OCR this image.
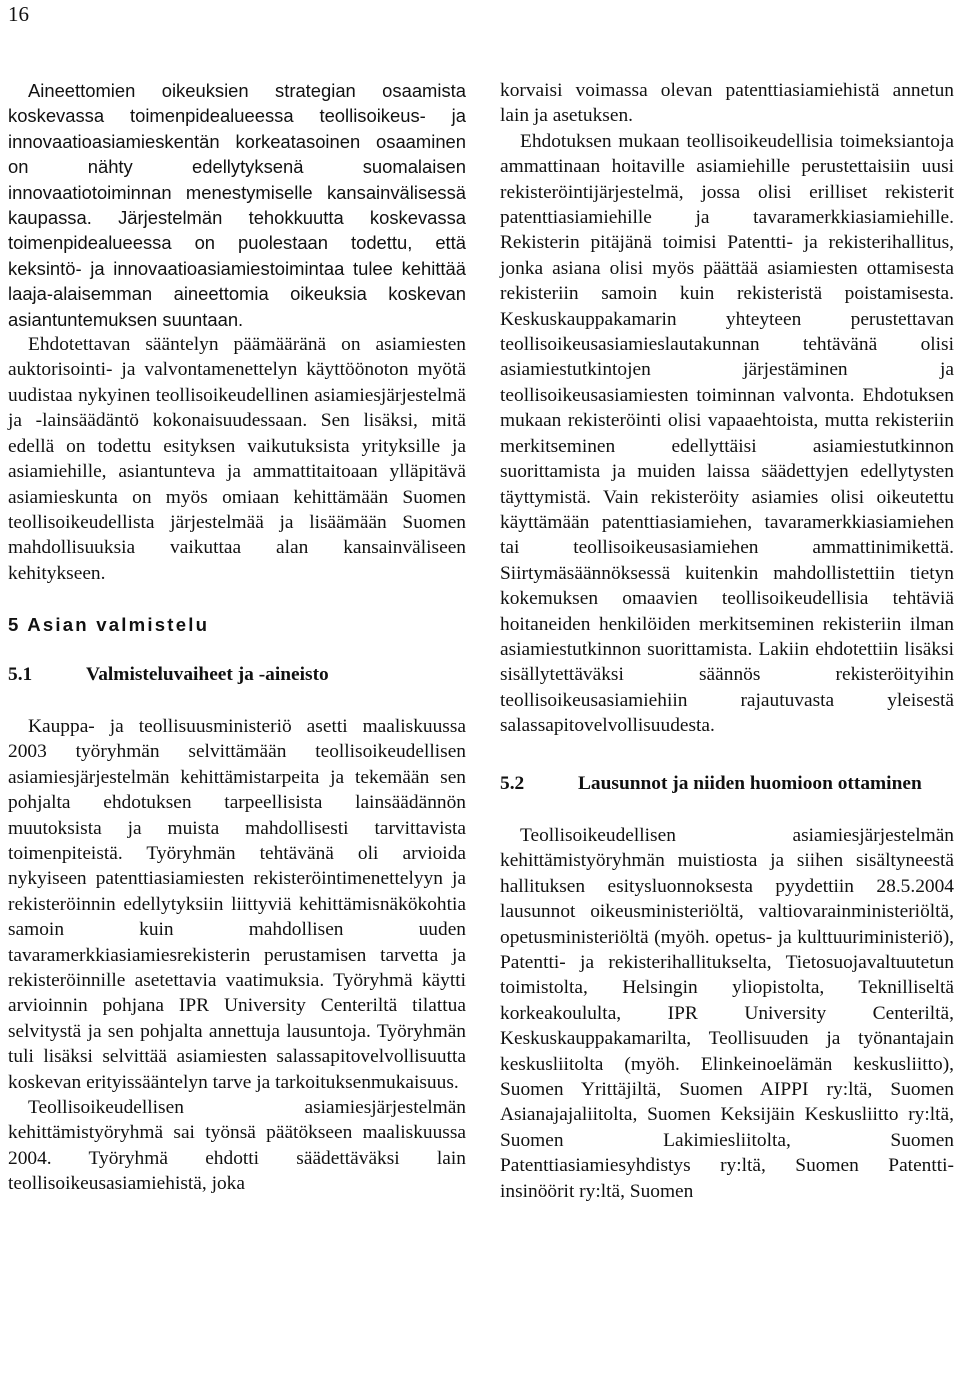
16

Aineettomien oikeuksien strategian osaamista koskevassa toimenpidealueessa teollisoikeus- ja innovaatioasiamieskentän korkeatasoinen osaaminen on nähty edellytyksenä suomalaisen innovaatiotoiminnan menestymiselle kansainvälisessä kaupassa. Järjestelmän tehokkuutta koskevassa toimenpidealueessa on puolestaan todettu, että keksintö- ja innovaatioasiamiestoimintaa tulee kehittää laaja-alaisemman aineettomia oikeuksia koskevan asiantuntemuksen suuntaan.

Ehdotettavan sääntelyn päämääränä on asiamiesten auktorisointi- ja valvontamenettelyn käyttöönoton myötä uudistaa nykyinen teollisoikeudellinen asiamiesjärjestelmä ja -lainsäädäntö kokonaisuudessaan. Sen lisäksi, mitä edellä on todettu esityksen vaikutuksista yrityksille ja asiamiehille, asiantunteva ja ammattitaitoaan ylläpitävä asiamieskunta on myös omiaan kehittämään Suomen teollisoikeudellista järjestelmää ja lisäämään Suomen mahdollisuuksia vaikuttaa alan kansainväliseen kehitykseen.

5 Asian valmistelu
5.1	Valmisteluvaiheet ja -aineisto

Kauppa- ja teollisuusministeriö asetti maaliskuussa 2003 työryhmän selvittämään teollisoikeudellisen asiamiesjärjestelmän kehittämistarpeita ja tekemään sen pohjalta ehdotuksen tarpeellisista lainsäädännön muutoksista ja muista mahdollisesti tarvittavista toimenpiteistä. Työryhmän tehtävänä oli arvioida nykyiseen patenttiasiamiesten rekisteröintimenettelyyn ja rekisteröinnin edellytyksiin liittyviä kehittämisnäkökohtia samoin kuin mahdollisen uuden tavaramerkkiasiamiesrekisterin perustamisen tarvetta ja rekisteröinnille asetettavia vaatimuksia. Työryhmä käytti arvioinnin pohjana IPR University Centeriltä tilattua selvitystä ja sen pohjalta annettuja lausuntoja. Työryhmän tuli lisäksi selvittää asiamiesten salassapitovelvollisuutta koskevan erityissääntelyn tarve ja tarkoituksenmukaisuus.

Teollisoikeudellisen asiamiesjärjestelmän kehittämistyöryhmä sai työnsä päätökseen maaliskuussa 2004. Työryhmä ehdotti säädettäväksi lain teollisoikeusasiamiehistä, joka

korvaisi voimassa olevan patenttiasiamiehistä annetun lain ja asetuksen.

Ehdotuksen mukaan teollisoikeudellisia toimeksiantoja ammattinaan hoitaville asiamiehille perustettaisiin uusi rekisteröintijärjestelmä, jossa olisi erilliset rekisterit patenttiasiamiehille ja tavaramerkkiasiamiehille. Rekisterin pitäjänä toimisi Patentti- ja rekisterihallitus, jonka asiana olisi myös päättää asiamiesten ottamisesta rekisteriin samoin kuin rekisteristä poistamisesta. Keskuskauppakamarin yhteyteen perustettavan teollisoikeusasiamieslautakunnan tehtävänä olisi asiamiestutkintojen järjestäminen ja teollisoikeusasiamiesten toiminnan valvonta. Ehdotuksen mukaan rekisteröinti olisi vapaaehtoista, mutta rekisteriin merkitseminen edellyttäisi asiamiestutkinnon suorittamista ja muiden laissa säädettyjen edellytysten täyttymistä. Vain rekisteröity asiamies olisi oikeutettu käyttämään patenttiasiamiehen, tavaramerkkiasiamiehen tai teollisoikeusasiamiehen ammattinimikettä. Siirtymäsäännöksessä kuitenkin mahdollistettiin tietyn kokemuksen omaavien teollisoikeudellisia tehtäviä hoitaneiden henkilöiden merkitseminen rekisteriin ilman asiamiestutkinnon suorittamista. Lakiin ehdotettiin lisäksi sisällytettäväksi säännös rekisteröityihin teollisoikeusasiamiehiin rajautuvasta yleisestä salassapitovelvollisuudesta.

5.2	Lausunnot ja niiden huomioon ottaminen

Teollisoikeudellisen asiamiesjärjestelmän kehittämistyöryhmän muistiosta ja siihen sisältyneestä hallituksen esitysluonnoksesta pyydettiin 28.5.2004 lausunnot oikeusministeriöltä, valtiovarainministeriöltä, opetusministeriöltä (myöh. opetus- ja kulttuuriministeriö), Patentti- ja rekisterihallitukselta, Tietosuojavaltuutetun toimistolta, Helsingin yliopistolta, Teknilliseltä korkeakoululta, IPR University Centeriltä, Keskuskauppakamarilta, Teollisuuden ja työnantajain keskusliitolta (myöh. Elinkeinoelämän keskusliitto), Suomen Yrittäjiltä, Suomen AIPPI ry:ltä, Suomen Asianajajaliitolta, Suomen Keksijäin Keskusliitto ry:ltä, Suomen Lakimiesliitolta, Suomen Patenttiasiamiesyhdistys ry:ltä, Suomen Patentti-insinöörit ry:ltä, Suomen
